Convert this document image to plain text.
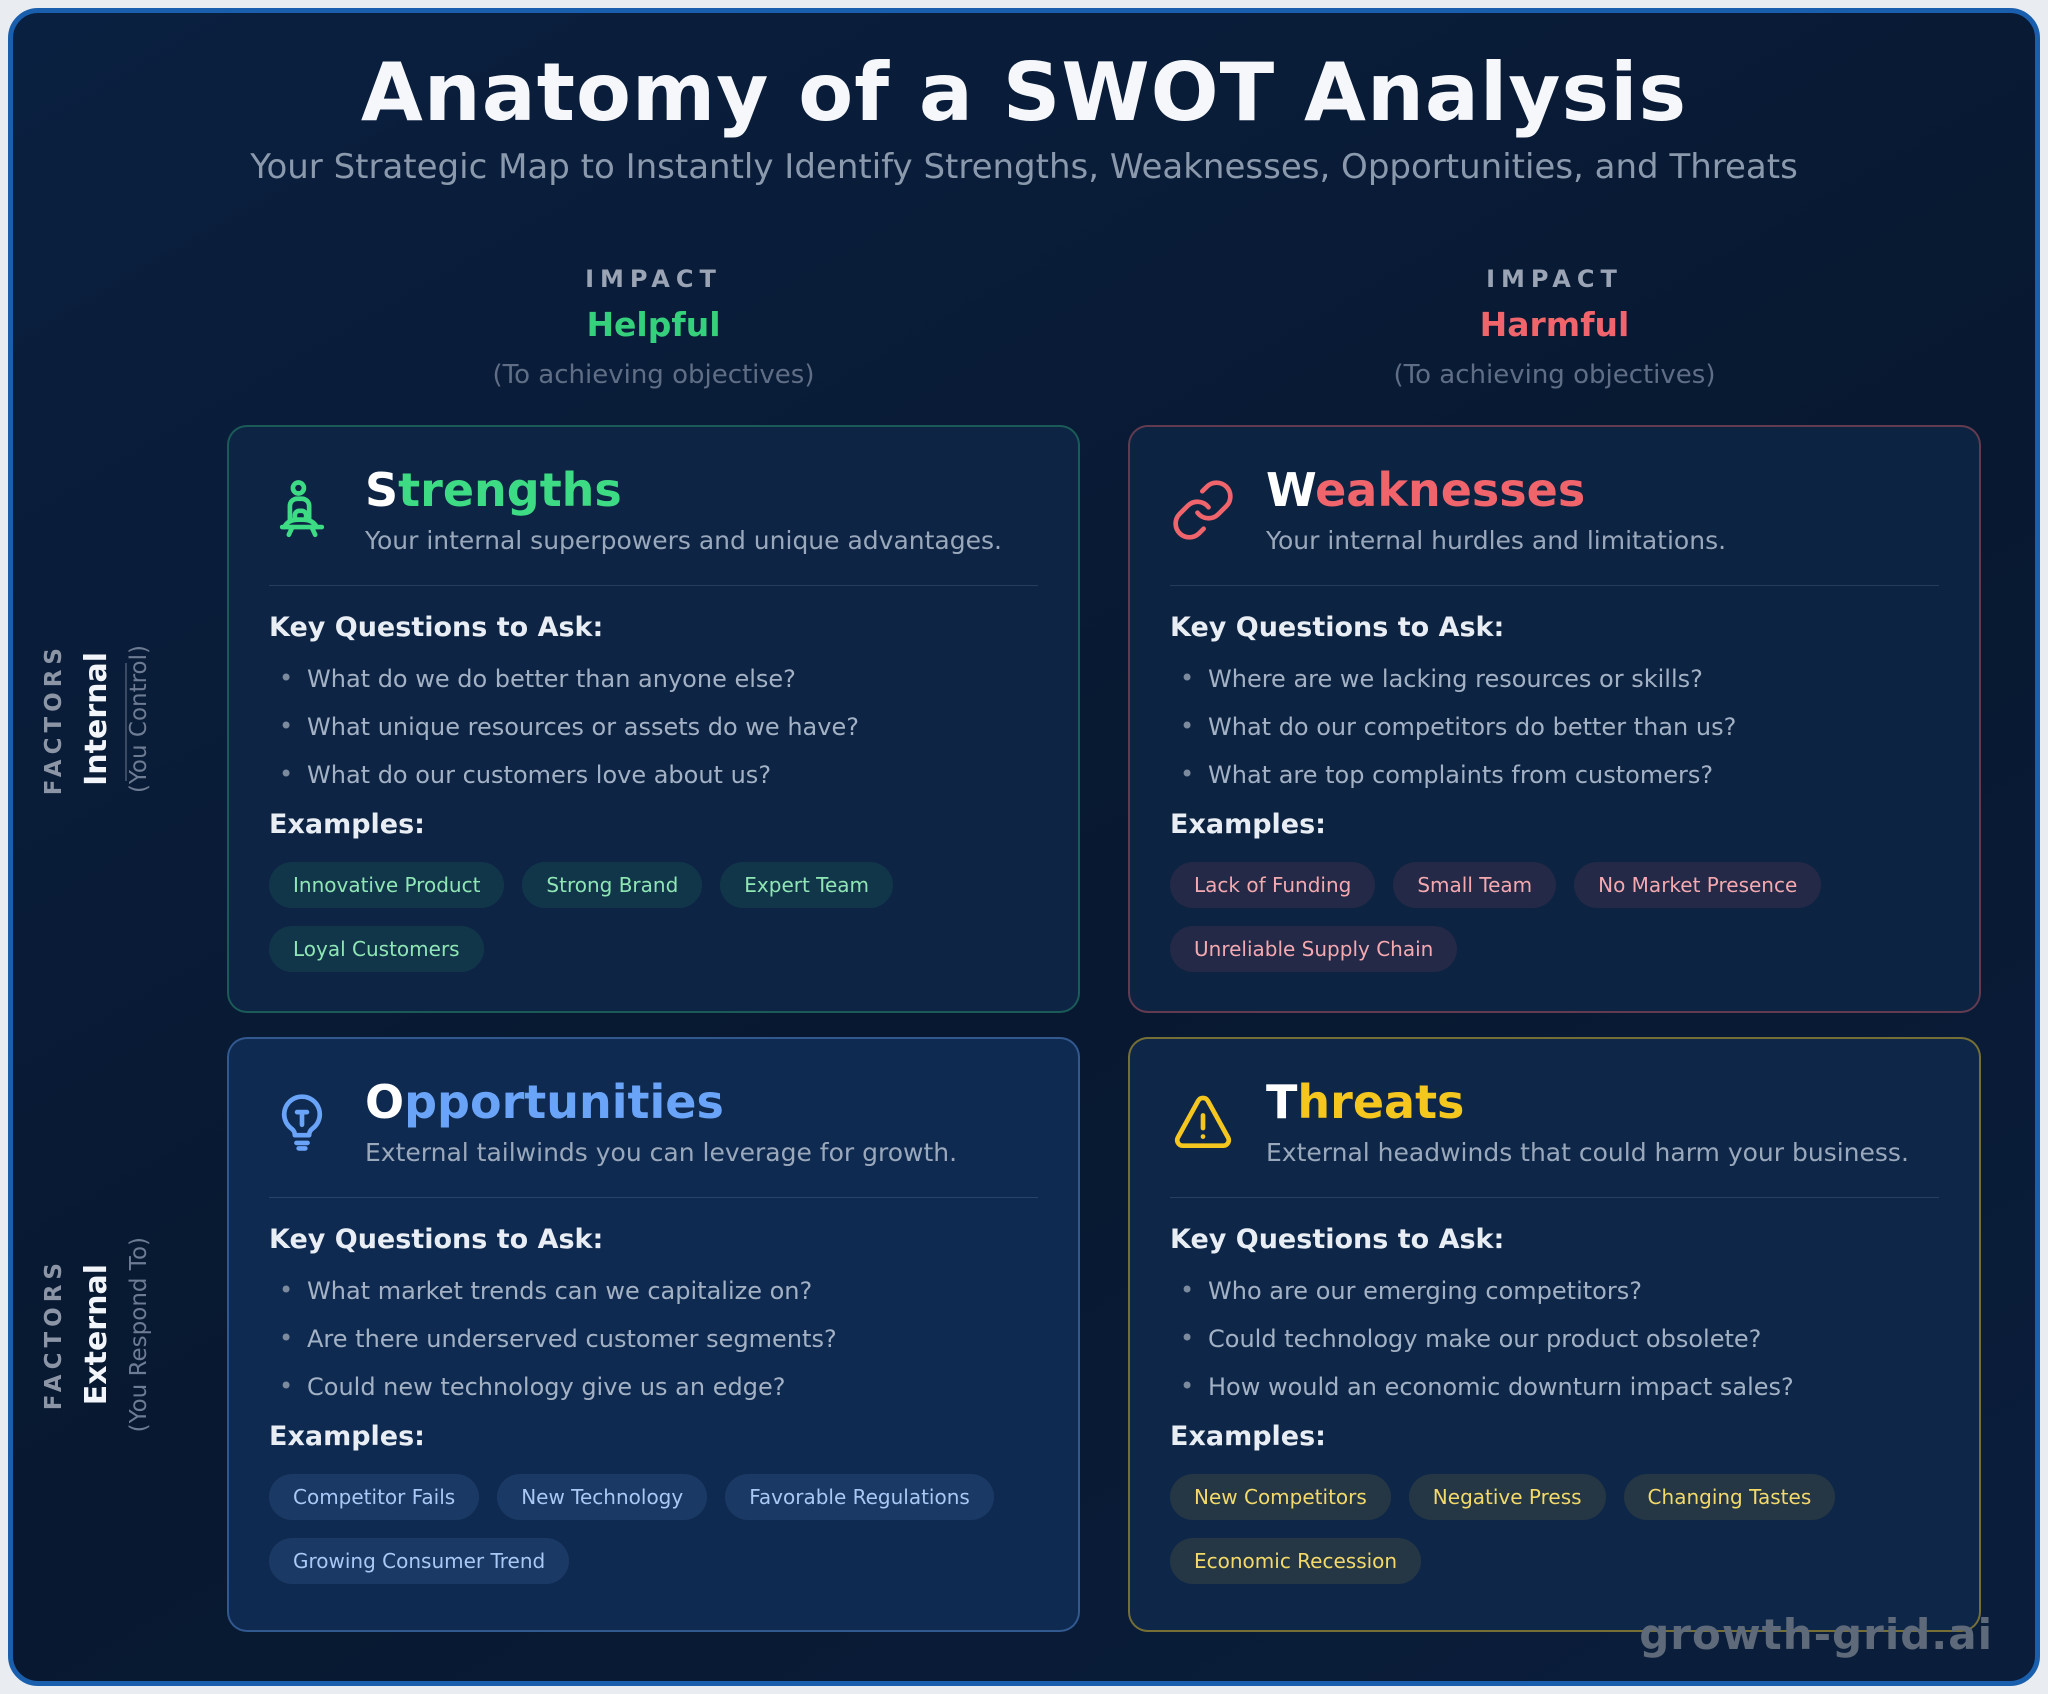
Anatomy of a SWOT Analysis

Your Strategic Map to Instantly Identify Strengths, Weaknesses, Opportunities, and Threats

IMPACT
Helpful
(To achieving objectives)
IMPACT
Harmful
(To achieving objectives)
FACTORS Internal (You Control)
Strengths

Your internal superpowers and unique advantages.

Key Questions to Ask:
• What do we do better than anyone else?
• What unique resources or assets do we have?
• What do our customers love about us?
Examples:
Innovative Product	Strong Brand	Expert Team
Loyal Customers
Weaknesses

Your internal hurdles and limitations.

Key Questions to Ask:
• Where are we lacking resources or skills?
• What do our competitors do better than us?
• What are top complaints from customers?
Examples:
Lack of Funding	Small Team	No Market Presence
Unreliable Supply Chain
FACTORS External (You Respond To)
Opportunities

External tailwinds you can leverage for growth.

Key Questions to Ask:
• What market trends can we capitalize on?
• Are there underserved customer segments?
• Could new technology give us an edge?
Examples:
Competitor Fails	New Technology	Favorable Regulations
Growing Consumer Trend
Threats

External headwinds that could harm your business.

Key Questions to Ask:
• Who are our emerging competitors?
• Could technology make our product obsolete?
• How would an economic downturn impact sales?
Examples:
New Competitors	Negative Press	Changing Tastes
Economic Recession
growth-grid.ai
